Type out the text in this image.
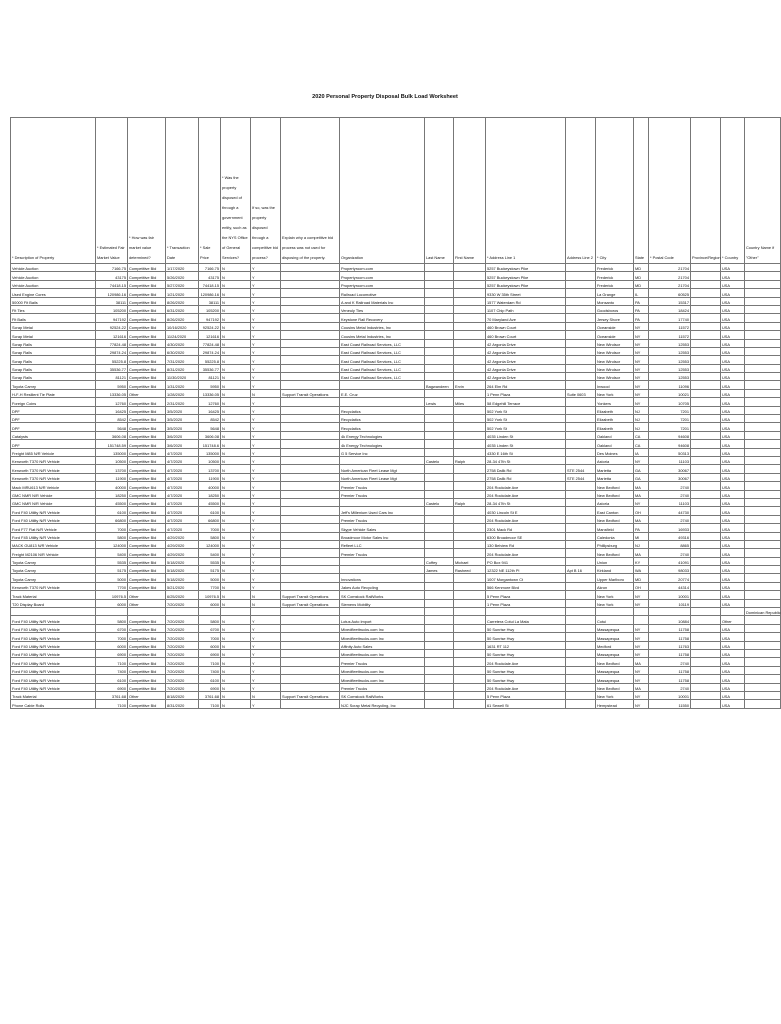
2020 Personal Property Disposal Bulk Load Worksheet
* Description of Property	* Estimated Fair Market Value	* How was fair market value determined?	* Transaction Date	* Sale Price	* Was the property disposed of through a government entity, such as the NYS Office of General Services?	If so, was the property disposed through a competitive bid process?	Explain why a competitive bid process was not used for disposing of the property.	Organization	Last Name	First Name	* Address Line 1	Address Line 2	* City	State	* Postal Code	Province/Region	* Country	Country Name if "Other"
Vehicle Auction	7166.75	Competitive Bid	1/17/2020	7166.75	N	Y		Propertyroom.com			5257 Buckeystown Pike		Frederick	MD	21704		USA	
Vehicle Auction	43175	Competitive Bid	5/26/2020	43175	N	Y		Propertyroom.com			5257 Buckeystown Pike		Frederick	MD	21704		USA	
Vehicle Auction	74418.15	Competitive Bid	5/27/2020	74418.15	N	Y		Propertyroom.com			5257 Buckeystown Pike		Frederick	MD	21704		USA	
Used Engine Cores	120986.16	Competitive Bid	1/21/2020	120986.16	N	Y		Railroad Locomotive			9330 W 35th Street		La Grange	IL	60525		USA	
50000 Fit Bails	38111	Competitive Bid	8/26/2020	38111	N	Y		A and K Railroad Materials Inc			1577 Waterdam Rd		Monsanto	PA	15317		USA	
Fit Ties	105200	Competitive Bid	6/31/2020	105200	N	Y		Veneuly Ties			1107 Chip Path		Goodsboros	PA	18424		USA	
Fit Bails	947192	Competitive Bid	8/26/2020	947192	N	Y		Keystone Rail Recovery			70 Maryland Ave		Jersey Shore	PA	17740		USA	
Scrap Metal	92524.22	Competitive Bid	10/16/2020	92524.22	N	Y		Cousins Metal Industries, Inc			460 Brown Court		Oceanside	NY	11572		USA	
Scrap Metal	121616	Competitive Bid	11/24/2020	121616	N	Y		Cousins Metal Industries, Inc			460 Brown Court		Oceanside	NY	11572		USA	
Scrap Rails	77824.48	Competitive Bid	4/30/2020	77824.48	N	Y		East Coast Railroad Services, LLC			42 Argonia Drive		New Windsor	NY	12553		USA	
Scrap Rails	29874.24	Competitive Bid	6/30/2020	29874.24	N	Y		East Coast Railroad Services, LLC			42 Argonia Drive		New Windsor	NY	12553		USA	
Scrap Rails	55225.8	Competitive Bid	7/31/2020	55225.8	N	Y		East Coast Railroad Services, LLC			42 Argonia Drive		New Windsor	NY	12553		USA	
Scrap Rails	35536.77	Competitive Bid	8/31/2020	35536.77	N	Y		East Coast Railroad Services, LLC			42 Argonia Drive		New Windsor	NY	12553		USA	
Scrap Rails	81121	Competitive Bid	11/30/2020	81121	N	Y		East Coast Railroad Services, LLC			42 Argonia Drive		New Windsor	NY	12553		USA	
Toyota Camry	5950	Competitive Bid	1/31/2020	5950	N	Y			Bagwandeen	Ervin	264 Elm Rd		Inwood	NY	11096		USA	
H-F-H Resilient Tie Plate	13336.05	Other	1/28/2020	13336.05	N	N	Support Transit Operations	E.E. Cruz			1 Penn Plaza	Suite 0603	New York	NY	10021		USA	
Foreign Coins	12760	Competitive Bid	2/31/2020	12760	N	Y			Lewis	Miles	58 Edgehill Terrace		Yonkers	NY	10705		USA	
DPF	16425	Competitive Bid	3/5/2020	16425	N	Y		Recyclatics			502 York St		Elizabeth	NJ	7201		USA	
DPF	8542	Competitive Bid	3/5/2020	8542	N	Y		Recyclatics			502 York St		Elizabeth	NJ	7201		USA	
DPF	5648	Competitive Bid	3/5/2020	5648	N	Y		Recyclatics			502 York St		Elizabeth	NJ	7201		USA	
Catalysts	3606.08	Competitive Bid	3/6/2020	3606.08	N	Y		4k Energy Technologies			4035 Linden St		Oakland	CA	94608		USA	
DPF	151748.59	Competitive Bid	3/6/2020	151748.6	N	Y		4k Energy Technologies			4035 Linden St		Oakland	CA	94608		USA	
Freight M85 N/R Vehicle	135000	Competitive Bid	4/7/2020	135000	N	Y		G 5 Service Inc			4330 E 16th St		Des Moines	IA	50313		USA	
Kenworth T370 N/R Vehicle	10500	Competitive Bid	4/7/2020	10500	N	Y			Castelo	Ralph	28-34 47th St		Astoria	NY	11103		USA	
Kenworth T370 N/R Vehicle	13700	Competitive Bid	4/7/2020	13700	N	Y		North American Fleet Lease Mgt			2758 Dallk Rd	STE 2544	Marietta	GA	30067		USA	
Kenworth T370 N/R Vehicle	11900	Competitive Bid	4/7/2020	11900	N	Y		North American Fleet Lease Mgt			2758 Dallk Rd	STE 2544	Marietta	GA	30067		USA	
Mack MRU613 N/R Vehicle	40000	Competitive Bid	4/7/2020	40000	N	Y		Premier Trucks			204 Rockdale Ave		New Bedford	MA	2740		USA	
GMC NMR N/R Vehicle	18250	Competitive Bid	4/7/2020	18250	N	Y		Premier Trucks			204 Rockdale Ave		New Bedford	MA	2740		USA	
GMC NMR N/R Vehicle	45500	Competitive Bid	4/7/2020	45500	N	Y			Castelo	Ralph	28-34 47th St		Astoria	NY	11103		USA	
Ford F40 Utility N/R Vehicle	6100	Competitive Bid	4/7/2020	6100	N	Y		Jeff's Millenium Used Cars Inc			4030 Lincoln St E		East Canton	OH	44730		USA	
Ford F40 Utility N/R Vehicle	66800	Competitive Bid	4/7/2020	66800	N	Y		Premier Trucks			204 Rockdale Ave		New Bedford	MA	2740		USA	
Ford F77 Flat N/R Vehicle	7000	Competitive Bid	4/7/2020	7000	N	Y		Skype Vehicle Sales			2301 Mack Rd		Mansfield	PA	16933		USA	
Ford F45 Utility N/R Vehicle	5800	Competitive Bid	4/29/2020	5800	N	Y		Broadmoor Motor Sales Inc			6300 Broadmoor SE		Caledonia	MI	49316		USA	
MACK GU813 N/R Vehicle	124000	Competitive Bid	4/29/2020	124000	N	Y		Refleet LLC			130 Belview Rd		Phillipsburg	NJ	8865		USA	
Freight M2106 N/R Vehicle	5400	Competitive Bid	4/29/2020	5400	N	Y		Premier Trucks			204 Rockdale Ave		New Bedford	MA	2740		USA	
Toyota Camry	5535	Competitive Bid	5/18/2020	5535	N	Y			Coffey	Michael	PO Box 941		Union	KY	41091		USA	
Toyota Camry	5175	Competitive Bid	5/18/2020	5175	N	Y			James	Rasheed	12322 NE 112th Pl	Apt B 16	Kirkland	WA	98033		USA	
Toyota Camry	5000	Competitive Bid	5/18/2020	5000	N	Y		Innovations			1007 Morgantown Ct		Upper Marlboro	MD	20774		USA	
Kenworth T370 N/R Vehicle	7700	Competitive Bid	5/21/2020	7700	N	Y		Jakes Auto Recycling			566 Kenmore Blvd		Akron	OH	44314		USA	
Track Material	10976.5	Other	6/25/2020	10976.5	N	N	Support Transit Operations	SK Comstock RailWorks			5 Penn Plaza		New York	NY	10001		USA	
T20 Display Board	6000	Other	7/20/2020	6000	N	N	Support Transit Operations	Siemens Mobility			1 Penn Plaza		New York	NY	10119		USA	
																		Dominican Republic
Ford F40 Utility N/R Vehicle	5800	Competitive Bid	7/20/2020	5800	N	Y		Lotus Auto Import			Carretera Cotui La Mata		Cotui		10884		Other	
Ford F40 Utility N/R Vehicle	6700	Competitive Bid	7/20/2020	6700	N	Y		Mixedfleettrucks.com Inc			50 Sunrise Hwy		Massapequa	NY	11758		USA	
Ford F40 Utility N/R Vehicle	7000	Competitive Bid	7/20/2020	7000	N	Y		Mixedfleettrucks.com Inc			50 Sunrise Hwy		Massapequa	NY	11758		USA	
Ford F40 Utility N/R Vehicle	6000	Competitive Bid	7/20/2020	6000	N	Y		Affinity Auto Sales			1631 RT 112		Medford	NY	11763		USA	
Ford F40 Utility N/R Vehicle	6900	Competitive Bid	7/20/2020	6900	N	Y		Mixedfleettrucks.com Inc			50 Sunrise Hwy		Massapequa	NY	11758		USA	
Ford F40 Utility N/R Vehicle	7100	Competitive Bid	7/20/2020	7100	N	Y		Premier Trucks			204 Rockdale Ave		New Bedford	MA	2740		USA	
Ford F40 Utility N/R Vehicle	7400	Competitive Bid	7/20/2020	7400	N	Y		Mixedfleettrucks.com Inc			50 Sunrise Hwy		Massapequa	NY	11758		USA	
Ford F40 Utility N/R Vehicle	6100	Competitive Bid	7/20/2020	6100	N	Y		Mixedfleettrucks.com Inc			50 Sunrise Hwy		Massapequa	NY	11758		USA	
Ford F40 Utility N/R Vehicle	6900	Competitive Bid	7/20/2020	6900	N	Y		Premier Trucks			204 Rockdale Ave		New Bedford	MA	2740		USA	
Track Material	3761.68	Other	8/18/2020	3761.68	N	N	Support Transit Operations	SK Comstock RailWorks			5 Penn Plaza		New York	NY	10001		USA	
Phone Cable Rolls	7100	Competitive Bid	8/31/2020	7100	N	Y		NJC Scrap Metal Recycling, Inc			61 Sewell St		Hempstead	NY	11550		USA	
